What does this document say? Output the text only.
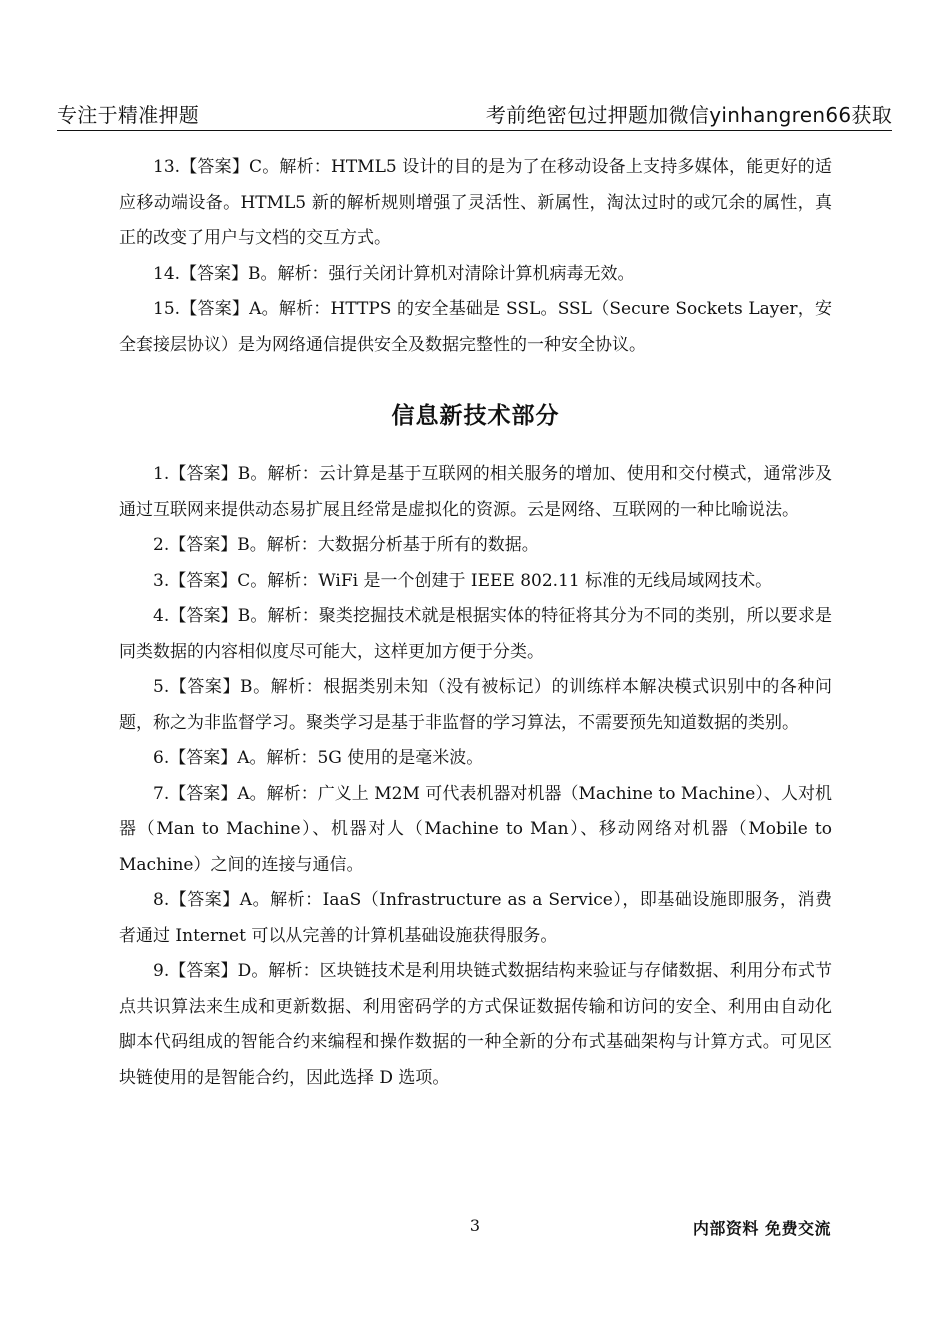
专注于精准押题	考前绝密包过押题加微信yinhangren66获取

13.【答案】C。解析：HTML5 设计的目的是为了在移动设备上支持多媒体，能更好的适应移动端设备。HTML5 新的解析规则增强了灵活性、新属性，淘汰过时的或冗余的属性，真正的改变了用户与文档的交互方式。

14.【答案】B。解析：强行关闭计算机对清除计算机病毒无效。

15.【答案】A。解析：HTTPS 的安全基础是 SSL。SSL（Secure Sockets Layer，安全套接层协议）是为网络通信提供安全及数据完整性的一种安全协议。

信息新技术部分

1.【答案】B。解析：云计算是基于互联网的相关服务的增加、使用和交付模式，通常涉及通过互联网来提供动态易扩展且经常是虚拟化的资源。云是网络、互联网的一种比喻说法。

2.【答案】B。解析：大数据分析基于所有的数据。

3.【答案】C。解析：WiFi 是一个创建于 IEEE 802.11 标准的无线局域网技术。

4.【答案】B。解析：聚类挖掘技术就是根据实体的特征将其分为不同的类别，所以要求是同类数据的内容相似度尽可能大，这样更加方便于分类。

5.【答案】B。解析：根据类别未知（没有被标记）的训练样本解决模式识别中的各种问题，称之为非监督学习。聚类学习是基于非监督的学习算法，不需要预先知道数据的类别。

6.【答案】A。解析：5G 使用的是毫米波。

7.【答案】A。解析：广义上 M2M 可代表机器对机器（Machine to Machine）、人对机器（Man to Machine）、机器对人（Machine to Man）、移动网络对机器（Mobile to Machine）之间的连接与通信。

8.【答案】A。解析：IaaS（Infrastructure as a Service），即基础设施即服务，消费者通过 Internet 可以从完善的计算机基础设施获得服务。

9.【答案】D。解析：区块链技术是利用块链式数据结构来验证与存储数据、利用分布式节点共识算法来生成和更新数据、利用密码学的方式保证数据传输和访问的安全、利用由自动化脚本代码组成的智能合约来编程和操作数据的一种全新的分布式基础架构与计算方式。可见区块链使用的是智能合约，因此选择 D 选项。

3	内部资料 免费交流
